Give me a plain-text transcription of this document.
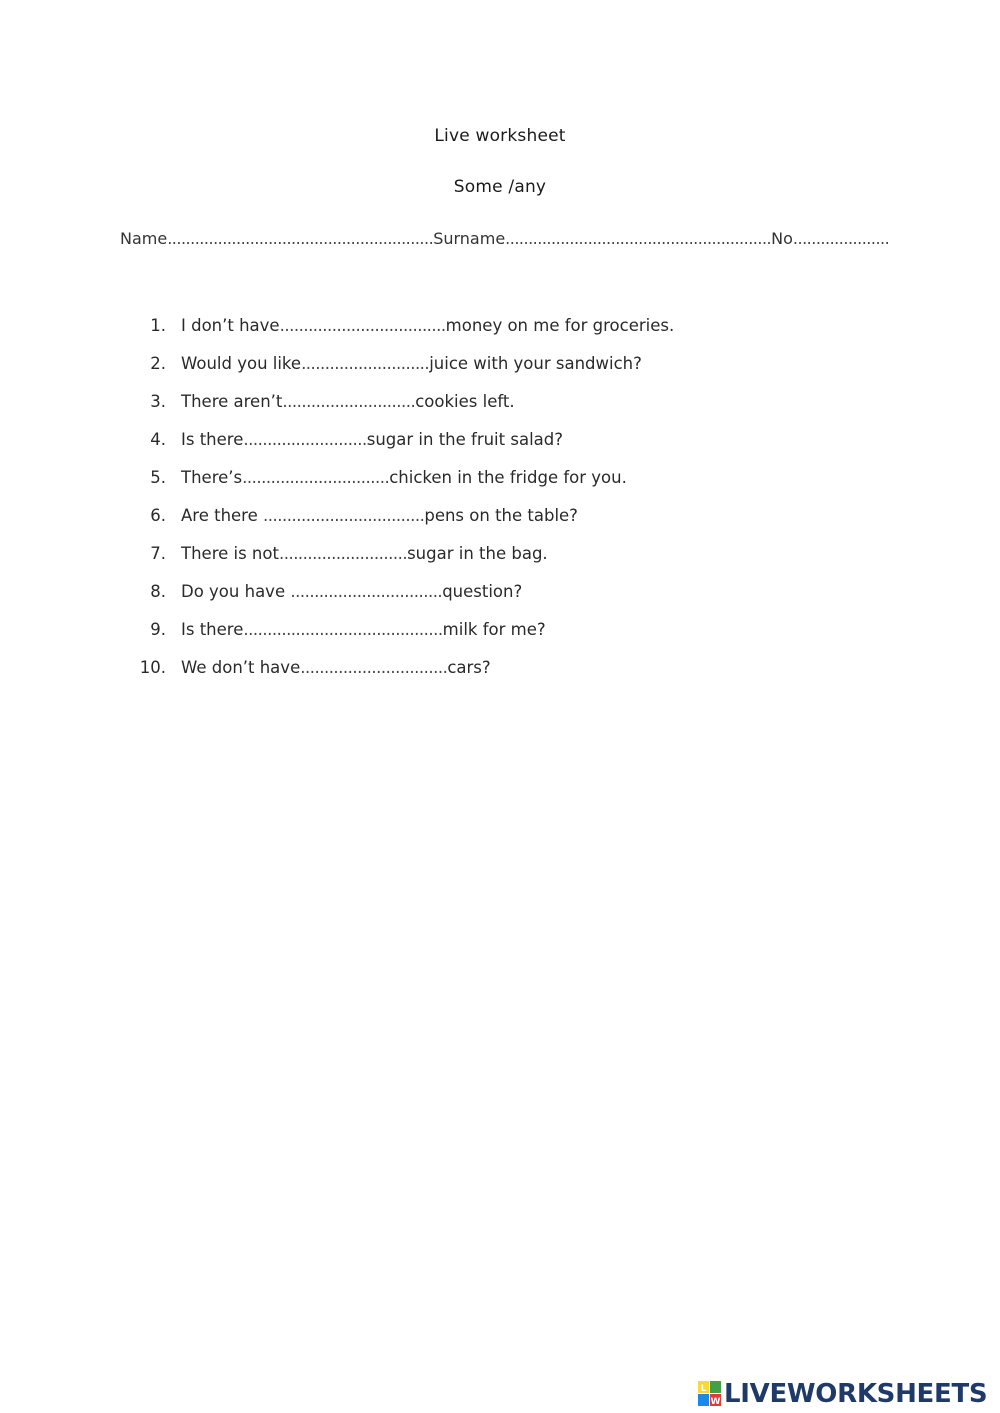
Live worksheet
Some /any
Name..........................................................Surname..........................................................No.....................
1. I don’t have...................................money on me for groceries.
2. Would you like...........................juice with your sandwich?
3. There aren’t............................cookies left.
4. Is there..........................sugar in the fruit salad?
5. There’s...............................chicken in the fridge for you.
6. Are there ..................................pens on the table?
7. There is not...........................sugar in the bag.
8. Do you have ................................question?
9. Is there..........................................milk for me?
10. We don’t have...............................cars?
L
W LIVEWORKSHEETS
